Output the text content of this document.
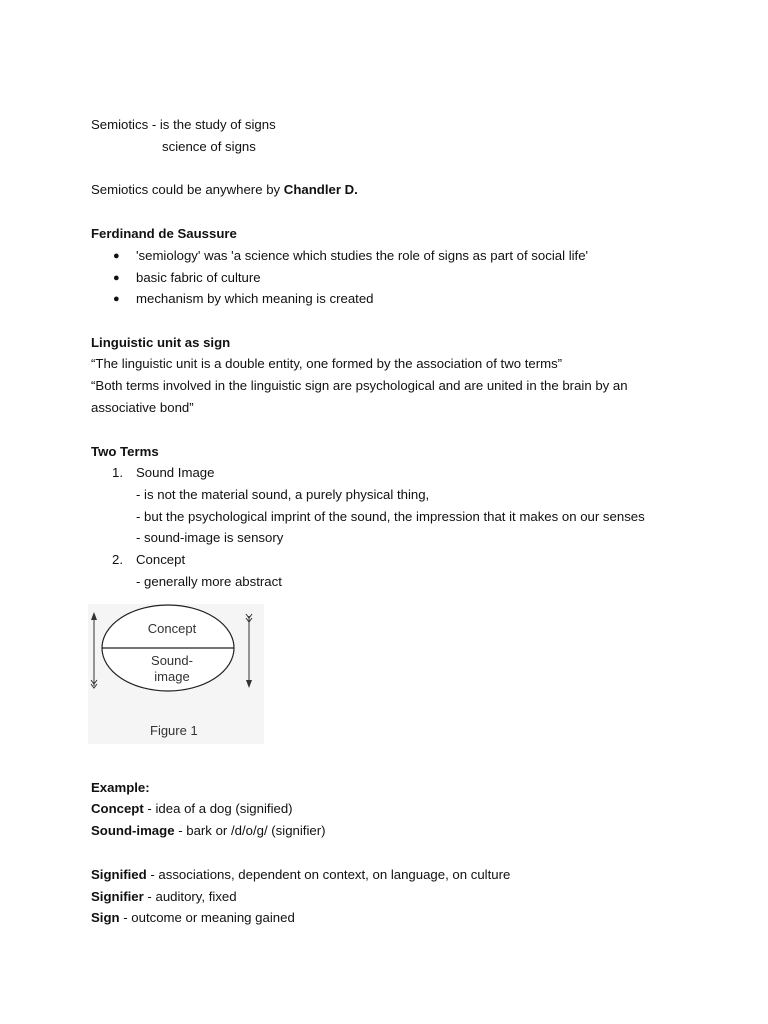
Semiotics - is the study of signs
science of signs
Semiotics could be anywhere by Chandler D.
Ferdinand de Saussure
● 'semiology' was 'a science which studies the role of signs as part of social life'
● basic fabric of culture
● mechanism by which meaning is created
Linguistic unit as sign
“The linguistic unit is a double entity, one formed by the association of two terms”
“Both terms involved in the linguistic sign are psychological and are united in the brain by an
associative bond”
Two Terms
1. Sound Image
- is not the material sound, a purely physical thing,
- but the psychological imprint of the sound, the impression that it makes on our senses
- sound-image is sensory
2. Concept
- generally more abstract
Concept
Sound-
image
Figure 1
Example:
Concept - idea of a dog (signified)
Sound-image - bark or /d/o/g/ (signifier)
Signified - associations, dependent on context, on language, on culture
Signifier - auditory, fixed
Sign - outcome or meaning gained
